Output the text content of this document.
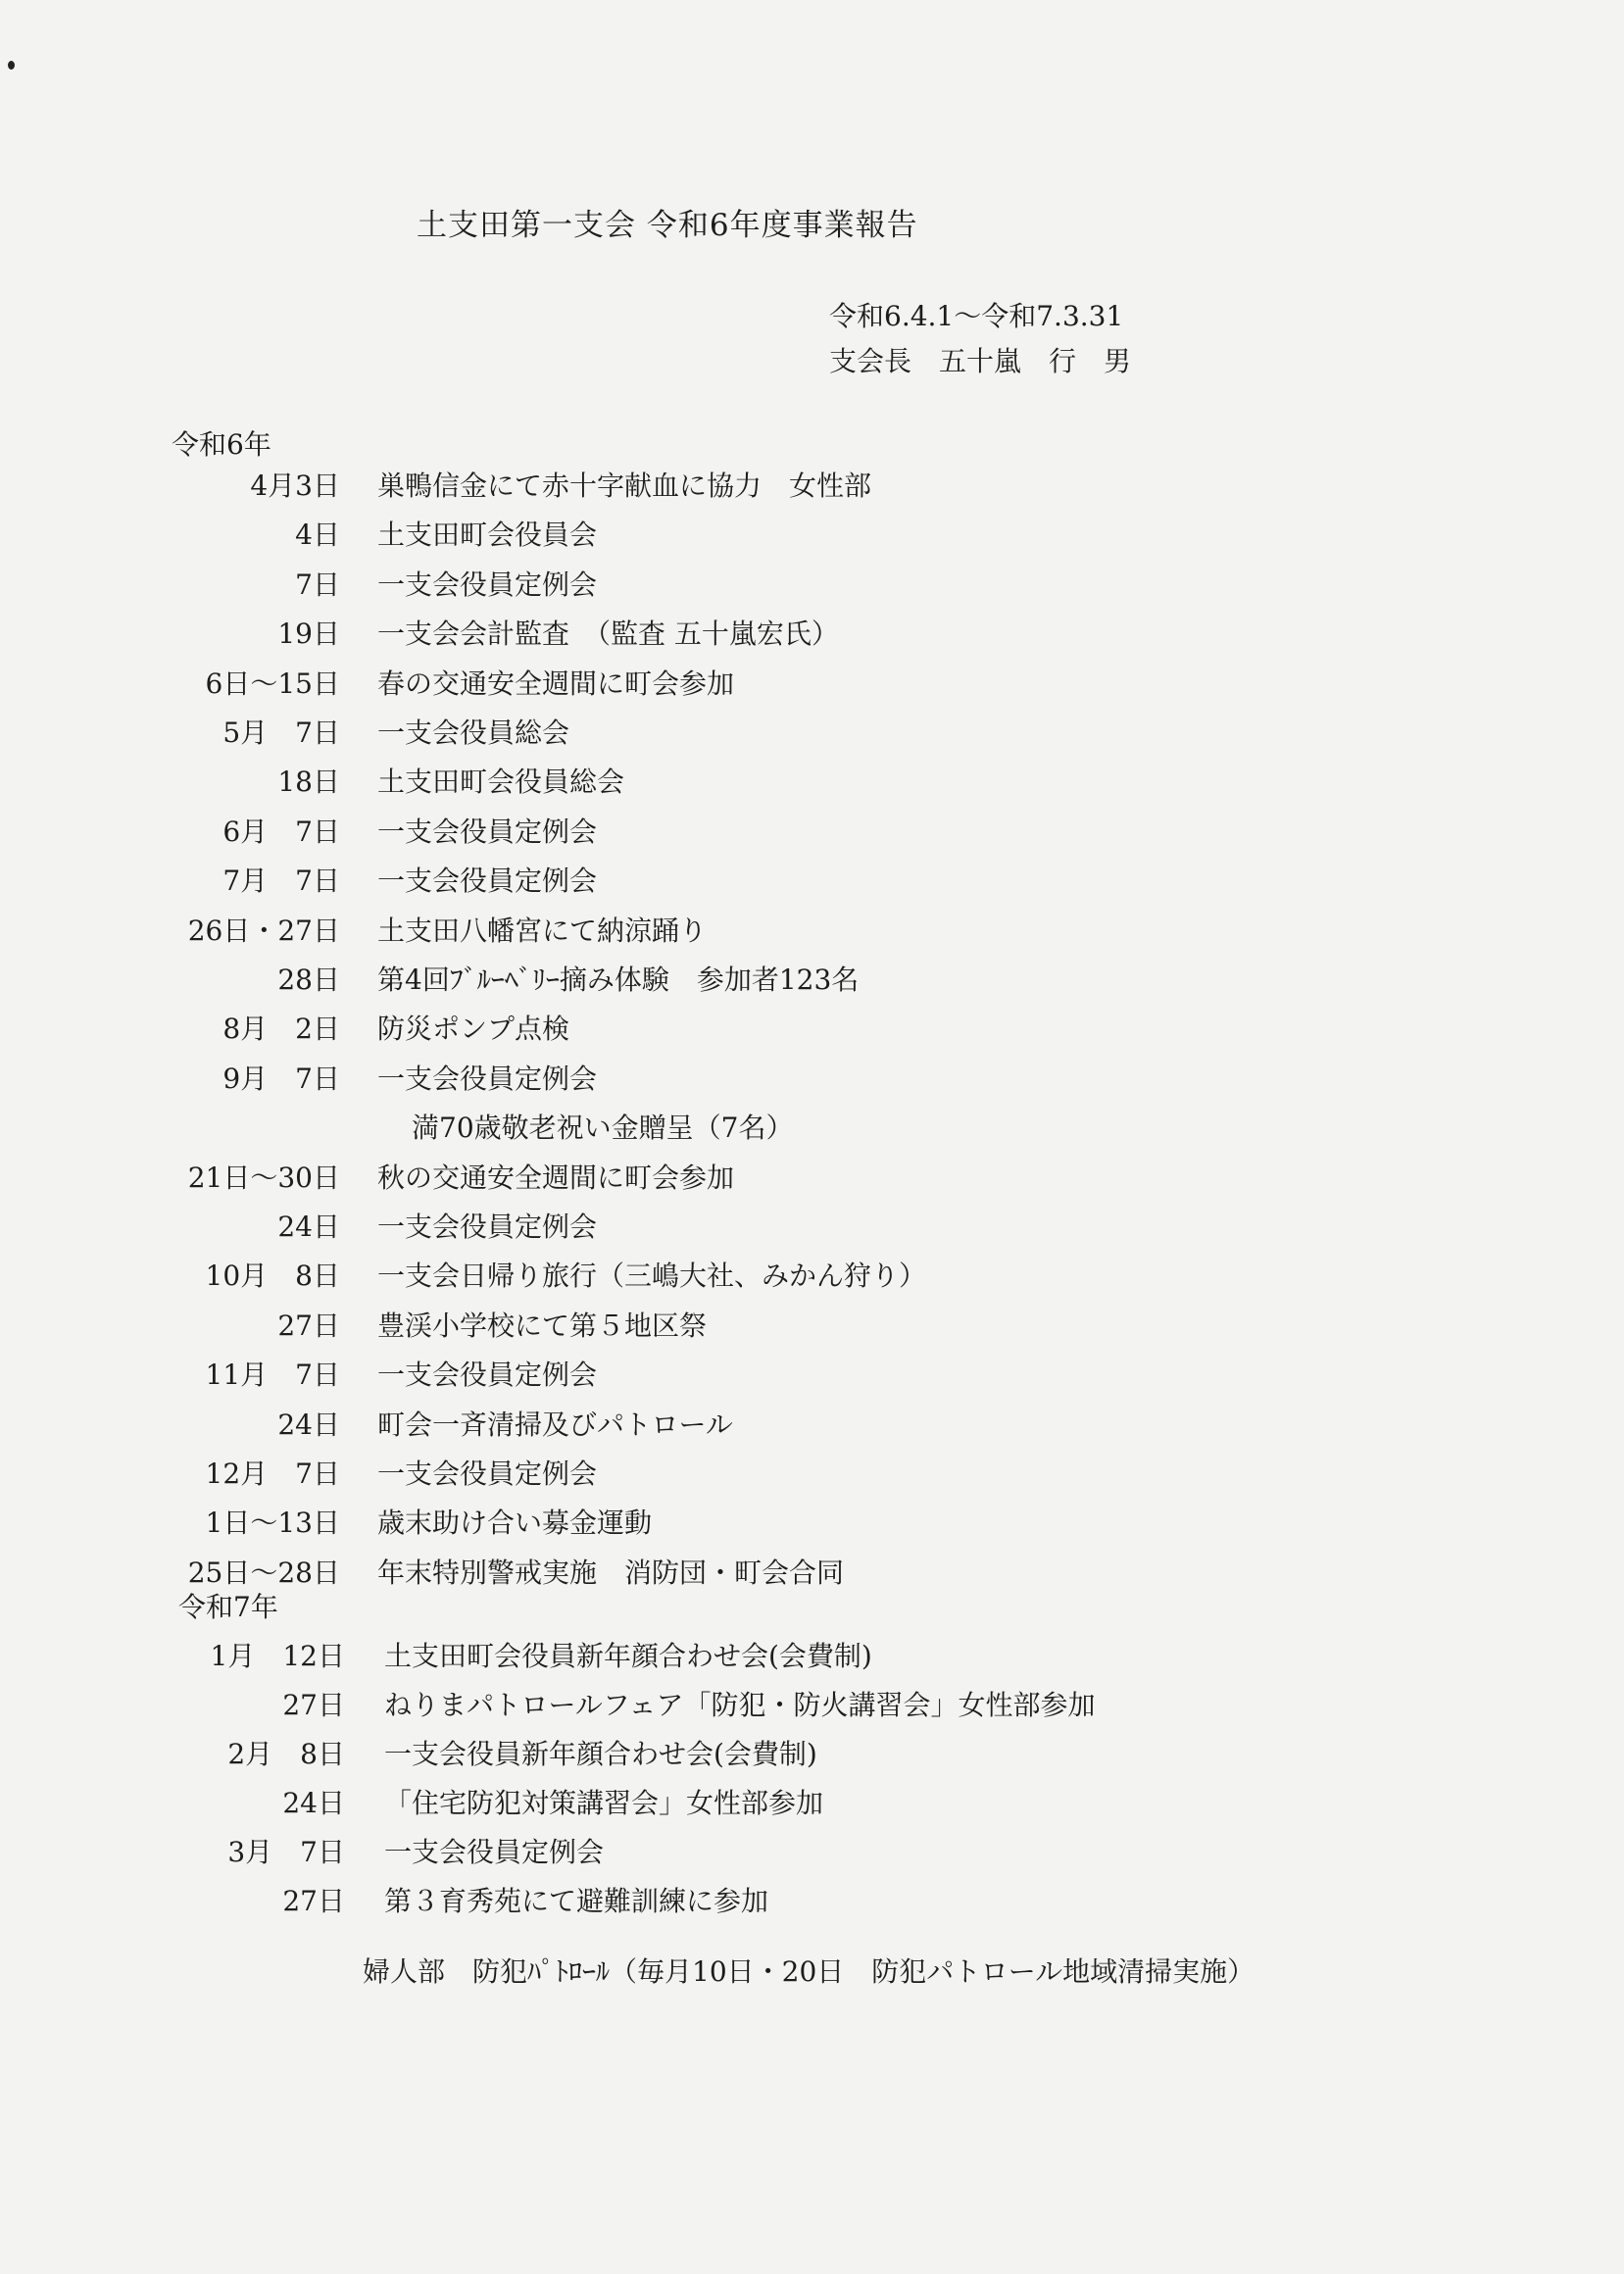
土支田第一支会 令和6年度事業報告
令和6.4.1～令和7.3.31
支会長　五十嵐　行　男
令和6年
4月3日 巣鴨信金にて赤十字献血に協力　女性部
4日 土支田町会役員会
7日 一支会役員定例会
19日 一支会会計監査　（監査 五十嵐宏氏）
6日～15日 春の交通安全週間に町会参加
5月　7日 一支会役員総会
18日 土支田町会役員総会
6月　7日 一支会役員定例会
7月　7日 一支会役員定例会
26日・27日 土支田八幡宮にて納涼踊り
28日 第4回ﾌﾞﾙｰﾍﾞﾘｰ摘み体験　参加者123名
8月　2日 防災ポンプ点検
9月　7日 一支会役員定例会
満70歳敬老祝い金贈呈（7名）
21日～30日 秋の交通安全週間に町会参加
24日 一支会役員定例会
10月　8日 一支会日帰り旅行（三嶋大社、みかん狩り）
27日 豊渓小学校にて第５地区祭
11月　7日 一支会役員定例会
24日 町会一斉清掃及びパトロール
12月　7日 一支会役員定例会
1日～13日 歳末助け合い募金運動
25日～28日 年末特別警戒実施　消防団・町会合同
令和7年
1月　12日 土支田町会役員新年顔合わせ会(会費制)
27日 ねりまパトロールフェア「防犯・防火講習会」女性部参加
2月　8日 一支会役員新年顔合わせ会(会費制)
24日 「住宅防犯対策講習会」女性部参加
3月　7日 一支会役員定例会
27日 第３育秀苑にて避難訓練に参加
婦人部　防犯ﾊﾟﾄﾛｰﾙ（毎月10日・20日　防犯パトロール地域清掃実施）
